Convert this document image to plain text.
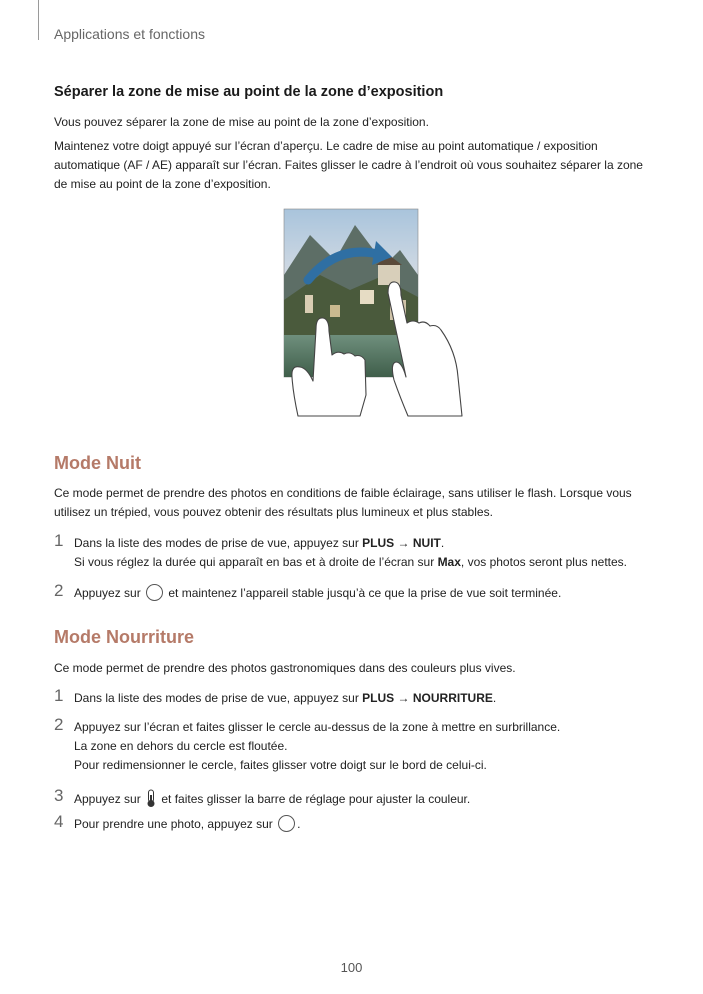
Applications et fonctions
Séparer la zone de mise au point de la zone d’exposition
Vous pouvez séparer la zone de mise au point de la zone d’exposition.
Maintenez votre doigt appuyé sur l’écran d’aperçu. Le cadre de mise au point automatique / exposition automatique (AF / AE) apparaît sur l’écran. Faites glisser le cadre à l’endroit où vous souhaitez séparer la zone de mise au point de la zone d’exposition.
Mode Nuit
Ce mode permet de prendre des photos en conditions de faible éclairage, sans utiliser le flash. Lorsque vous utilisez un trépied, vous pouvez obtenir des résultats plus lumineux et plus stables.
1 Dans la liste des modes de prise de vue, appuyez sur PLUS → NUIT.
Si vous réglez la durée qui apparaît en bas et à droite de l’écran sur Max, vos photos seront plus nettes.
2 Appuyez sur  et maintenez l’appareil stable jusqu’à ce que la prise de vue soit terminée.
Mode Nourriture
Ce mode permet de prendre des photos gastronomiques dans des couleurs plus vives.
1 Dans la liste des modes de prise de vue, appuyez sur PLUS → NOURRITURE.
2 Appuyez sur l’écran et faites glisser le cercle au-dessus de la zone à mettre en surbrillance.
La zone en dehors du cercle est floutée.
Pour redimensionner le cercle, faites glisser votre doigt sur le bord de celui-ci.
3 Appuyez sur  et faites glisser la barre de réglage pour ajuster la couleur.
4 Pour prendre une photo, appuyez sur .
100
